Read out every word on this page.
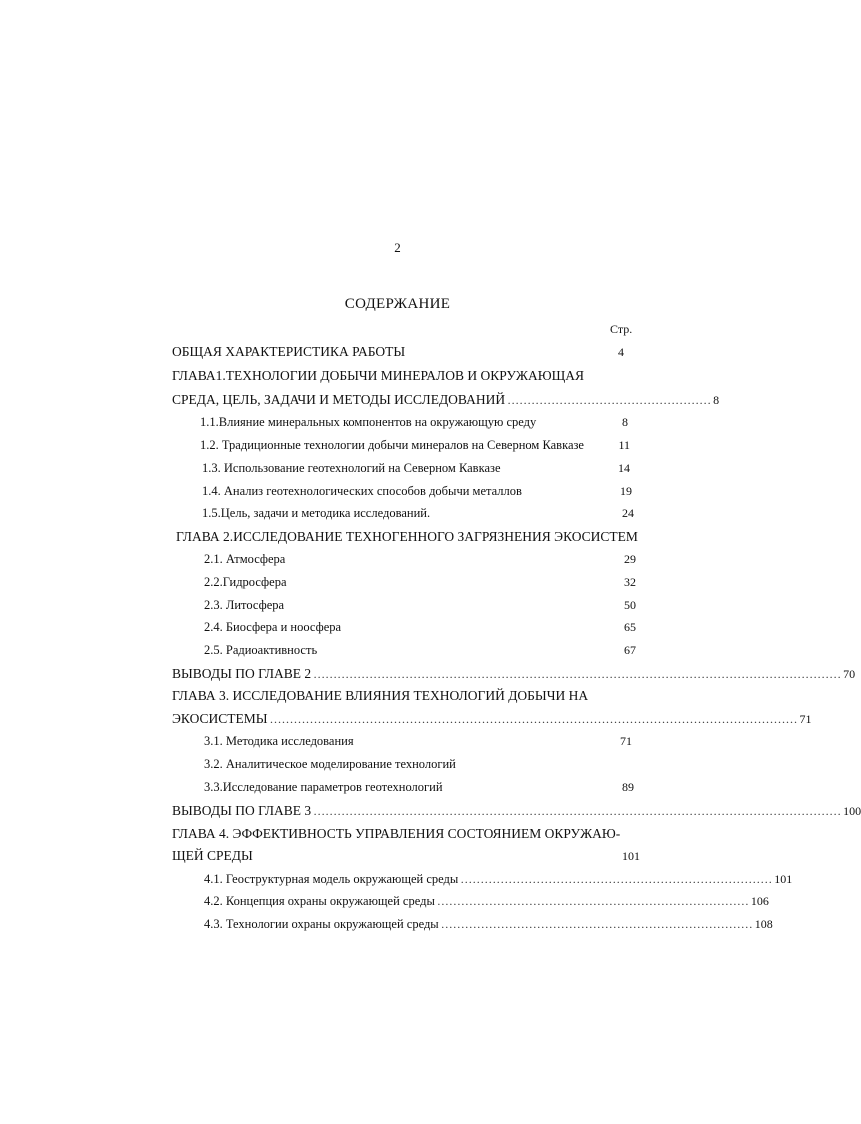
2
СОДЕРЖАНИЕ
Стр.
ОБЩАЯ ХАРАКТЕРИСТИКА РАБОТЫ	4
ГЛАВА1.ТЕХНОЛОГИИ ДОБЫЧИ МИНЕРАЛОВ И ОКРУЖАЮЩАЯ
СРЕДА, ЦЕЛЬ, ЗАДАЧИ И МЕТОДЫ ИССЛЕДОВАНИЙ …………………………………………… 8
1.1.Влияние минеральных компонентов на окружающую среду	8
1.2. Традиционные технологии добычи минералов на Северном Кавказе	11
1.3. Использование геотехнологий на Северном Кавказе	14
1.4. Анализ геотехнологических способов добычи металлов	19
1.5.Цель, задачи и методика исследований.	24
ГЛАВА 2.ИССЛЕДОВАНИЕ ТЕХНОГЕННОГО ЗАГРЯЗНЕНИЯ ЭКОСИСТЕМ
2.1. Атмосфера	29
2.2.Гидросфера	32
2.3. Литосфера	50
2.4. Биосфера и ноосфера	65
2.5. Радиоактивность	67
ВЫВОДЫ ПО ГЛАВЕ 2 …………………………………………………………………………………………………………………… 70
ГЛАВА 3. ИССЛЕДОВАНИЕ ВЛИЯНИЯ ТЕХНОЛОГИЙ ДОБЫЧИ НА
ЭКОСИСТЕМЫ …………………………………………………………………………………………………………………… 71
3.1. Методика исследования	71
3.2. Аналитическое моделирование технологий
3.3.Исследование параметров геотехнологий	89
ВЫВОДЫ ПО ГЛАВЕ 3 …………………………………………………………………………………………………………………… 100
ГЛАВА 4. ЭФФЕКТИВНОСТЬ УПРАВЛЕНИЯ СОСТОЯНИЕМ ОКРУЖАЮ-
ЩЕЙ СРЕДЫ	101
4.1. Геоструктурная модель окружающей среды …………………………………………………………………… 101
4.2. Концепция охраны окружающей среды …………………………………………………………………… 106
4.3. Технологии охраны окружающей среды …………………………………………………………………… 108
